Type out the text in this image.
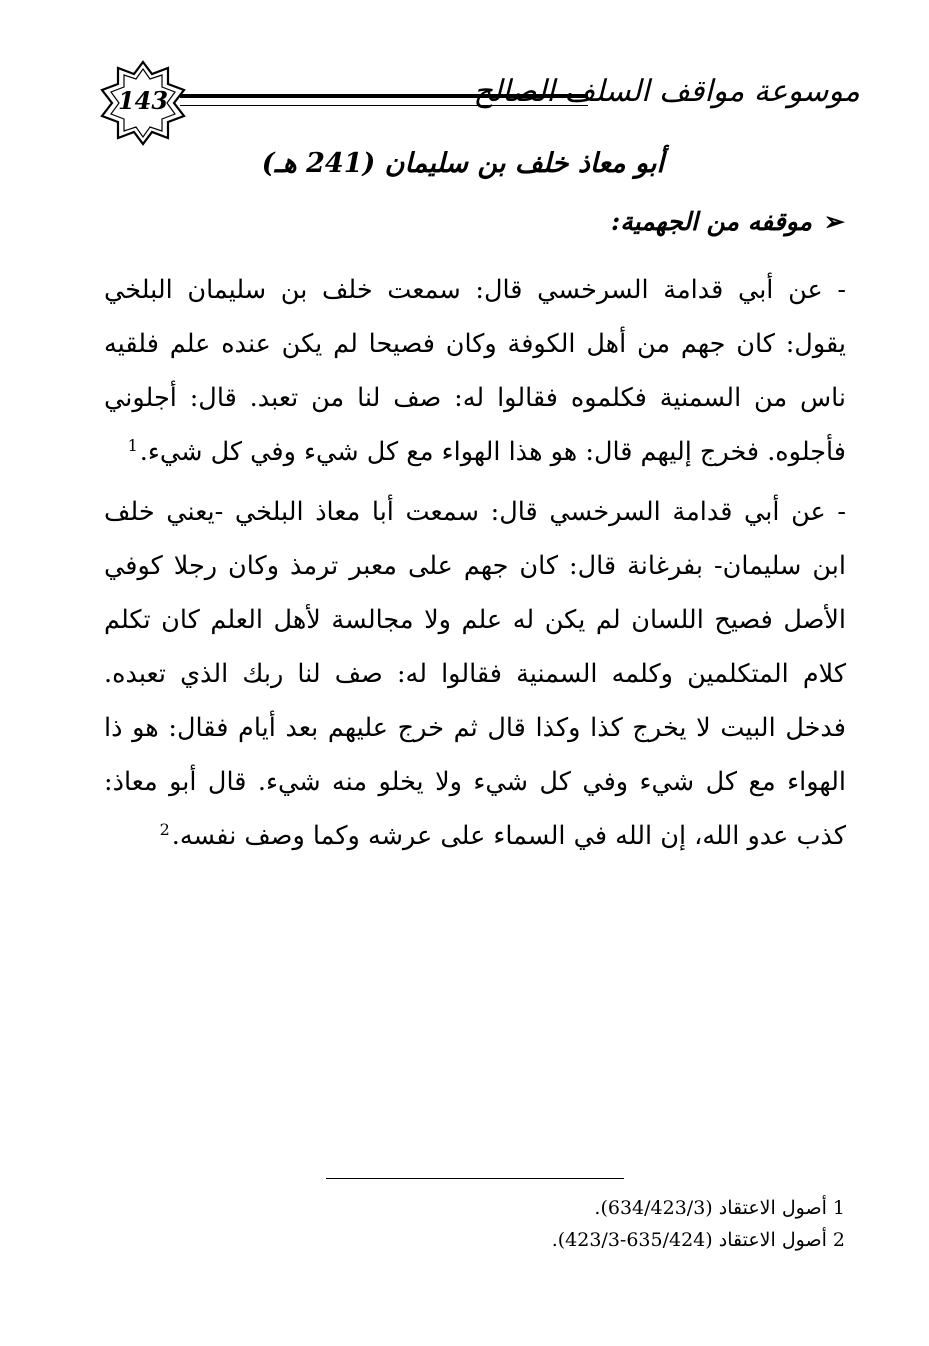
143	موسوعة مواقف السلف الصالح
أبو معاذ خلف بن سليمان (241 هـ)
➢موقفه من الجهمية:

- عن أبي قدامة السرخسي قال: سمعت خلف بن سليمان البلخي يقول: كان جهم من أهل الكوفة وكان فصيحا لم يكن عنده علم فلقيه ناس من السمنية فكلموه فقالوا له: صف لنا من تعبد. قال: أجلوني فأجلوه. فخرج إليهم قال: هو هذا الهواء مع كل شيء وفي كل شيء.$^1$

- عن أبي قدامة السرخسي قال: سمعت أبا معاذ البلخي -يعني خلف ابن سليمان- بفرغانة قال: كان جهم على معبر ترمذ وكان رجلا كوفي الأصل فصيح اللسان لم يكن له علم ولا مجالسة لأهل العلم كان تكلم كلام المتكلمين وكلمه السمنية فقالوا له: صف لنا ربك الذي تعبده. فدخل البيت لا يخرج كذا وكذا قال ثم خرج عليهم بعد أيام فقال: هو ذا الهواء مع كل شيء وفي كل شيء ولا يخلو منه شيء. قال أبو معاذ: كذب عدو الله، إن الله في السماء على عرشه وكما وصف نفسه.$^2$

1 أصول الاعتقاد (634/423/3).
2 أصول الاعتقاد (635/424-423/3).
